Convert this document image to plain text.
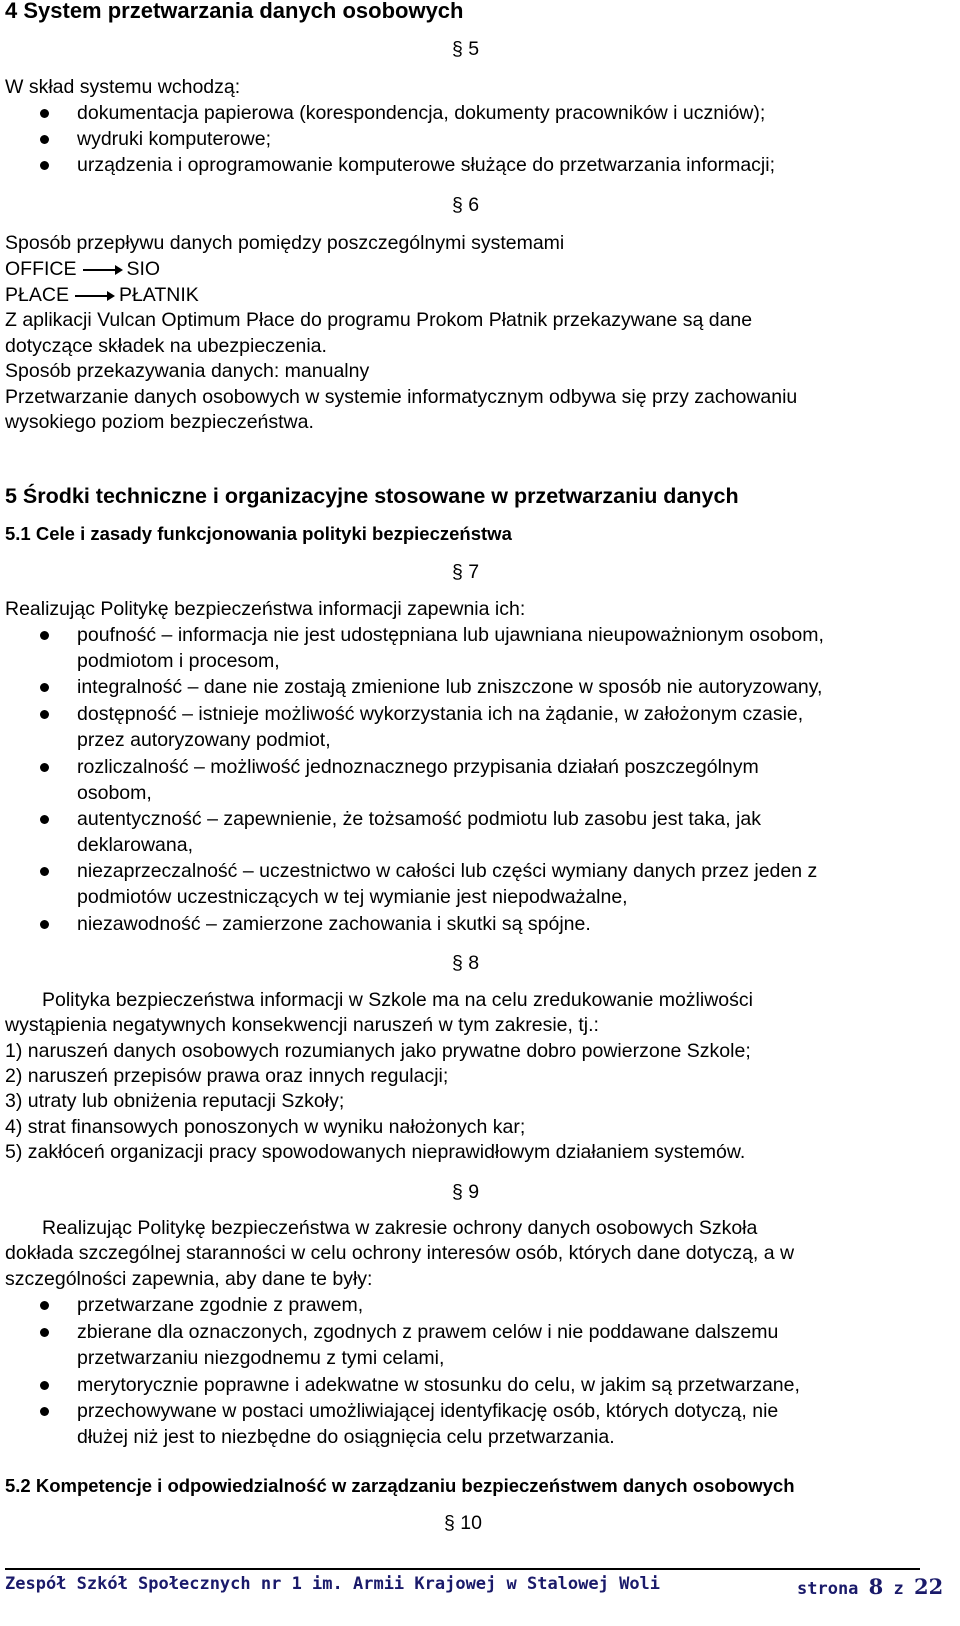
4 System przetwarzania danych osobowych
§ 5
W skład systemu wchodzą:
dokumentacja papierowa (korespondencja, dokumenty pracowników i uczniów);
wydruki komputerowe;
urządzenia i oprogramowanie komputerowe służące do przetwarzania informacji;
§ 6
Sposób przepływu danych pomiędzy poszczególnymi systemami
OFFICE	SIO
PŁACE	PŁATNIK
Z aplikacji Vulcan Optimum Płace do programu Prokom Płatnik przekazywane są dane
dotyczące składek na ubezpieczenia.
Sposób przekazywania danych: manualny
Przetwarzanie danych osobowych w systemie informatycznym odbywa się przy zachowaniu
wysokiego poziom bezpieczeństwa.
5 Środki techniczne i organizacyjne stosowane w przetwarzaniu danych
5.1 Cele i zasady funkcjonowania polityki bezpieczeństwa
§ 7
Realizując Politykę bezpieczeństwa informacji zapewnia ich:
poufność – informacja nie jest udostępniana lub ujawniana nieupoważnionym osobom,
podmiotom i procesom,
integralność – dane nie zostają zmienione lub zniszczone w sposób nie autoryzowany,
dostępność – istnieje możliwość wykorzystania ich na żądanie, w założonym czasie,
przez autoryzowany podmiot,
rozliczalność – możliwość jednoznacznego przypisania działań poszczególnym
osobom,
autentyczność – zapewnienie, że tożsamość podmiotu lub zasobu jest taka, jak
deklarowana,
niezaprzeczalność – uczestnictwo w całości lub części wymiany danych przez jeden z
podmiotów uczestniczących w tej wymianie jest niepodważalne,
niezawodność – zamierzone zachowania i skutki są spójne.
§ 8
Polityka bezpieczeństwa informacji w Szkole ma na celu zredukowanie możliwości
wystąpienia negatywnych konsekwencji naruszeń w tym zakresie, tj.:
1) naruszeń danych osobowych rozumianych jako prywatne dobro powierzone Szkole;
2) naruszeń przepisów prawa oraz innych regulacji;
3) utraty lub obniżenia reputacji Szkoły;
4) strat finansowych ponoszonych w wyniku nałożonych kar;
5) zakłóceń organizacji pracy spowodowanych nieprawidłowym działaniem systemów.
§ 9
Realizując Politykę bezpieczeństwa w zakresie ochrony danych osobowych Szkoła
dokłada szczególnej staranności w celu ochrony interesów osób, których dane dotyczą, a w
szczególności zapewnia, aby dane te były:
przetwarzane zgodnie z prawem,
zbierane dla oznaczonych, zgodnych z prawem celów i nie poddawane dalszemu
przetwarzaniu niezgodnemu z tymi celami,
merytorycznie poprawne i adekwatne w stosunku do celu, w jakim są przetwarzane,
przechowywane w postaci umożliwiającej identyfikację osób, których dotyczą, nie
dłużej niż jest to niezbędne do osiągnięcia celu przetwarzania.
5.2 Kompetencje i odpowiedzialność w zarządzaniu bezpieczeństwem danych osobowych
§ 10
Zespół Szkół Społecznych nr 1 im. Armii Krajowej w Stalowej Woli	strona 8 z 22
